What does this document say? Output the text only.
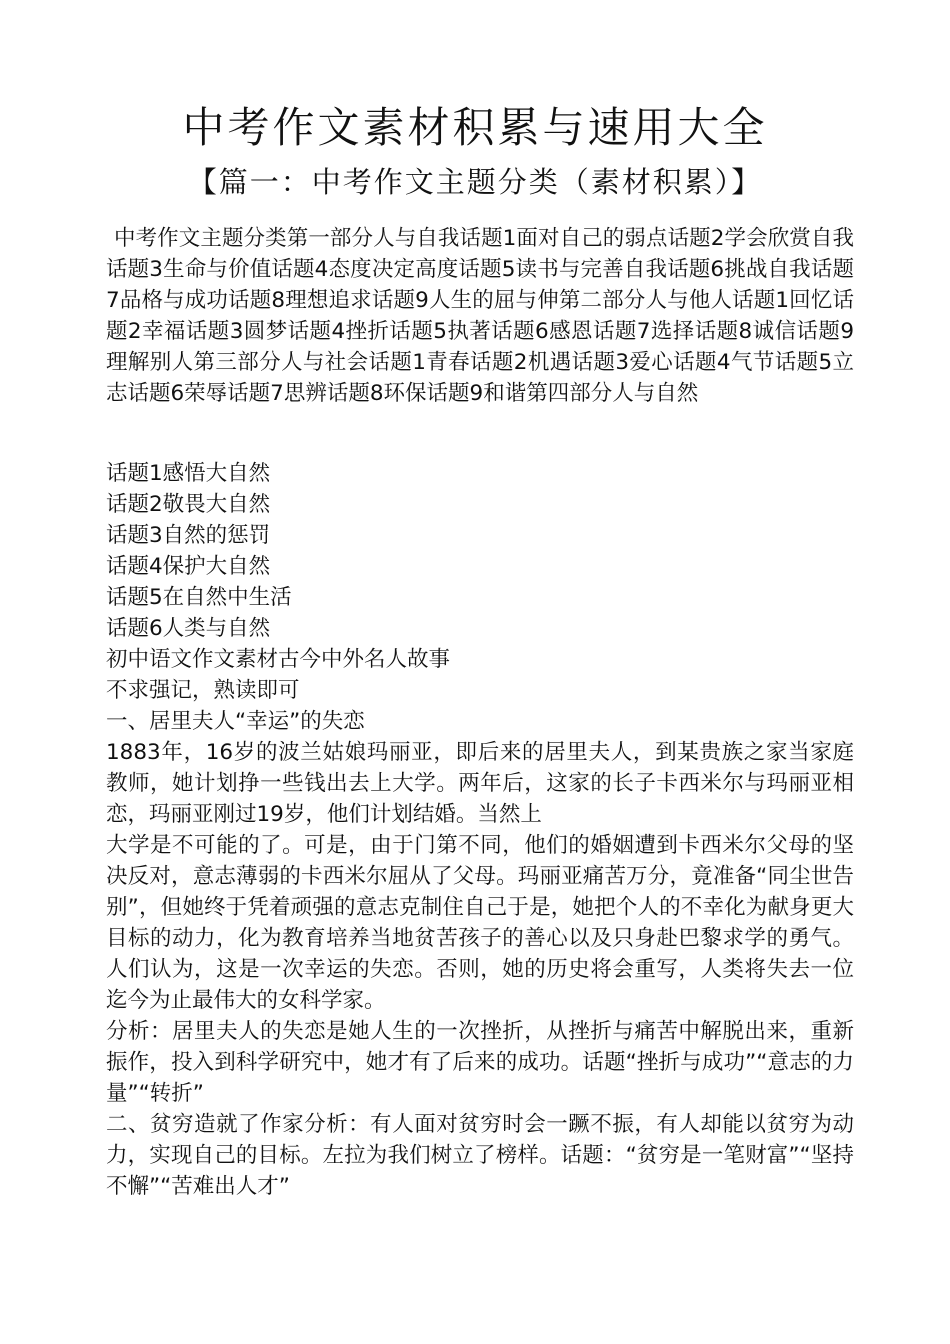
中考作文素材积累与速用大全
【篇一：中考作文主题分类（素材积累）】
中考作文主题分类第一部分人与自我话题1面对自己的弱点话题2学会欣赏自我话题3生命与价值话题4态度决定高度话题5读书与完善自我话题6挑战自我话题7品格与成功话题8理想追求话题9人生的屈与伸第二部分人与他人话题1回忆话题2幸福话题3圆梦话题4挫折话题5执著话题6感恩话题7选择话题8诚信话题9理解别人第三部分人与社会话题1青春话题2机遇话题3爱心话题4气节话题5立志话题6荣辱话题7思辨话题8环保话题9和谐第四部分人与自然
话题1感悟大自然
话题2敬畏大自然
话题3自然的惩罚
话题4保护大自然
话题5在自然中生活
话题6人类与自然
初中语文作文素材古今中外名人故事
不求强记，熟读即可
一、居里夫人“幸运”的失恋
1883年，16岁的波兰姑娘玛丽亚，即后来的居里夫人，到某贵族之家当家庭教师，她计划挣一些钱出去上大学。两年后，这家的长子卡西米尔与玛丽亚相恋，玛丽亚刚过19岁，他们计划结婚。当然上
大学是不可能的了。可是，由于门第不同，他们的婚姻遭到卡西米尔父母的坚决反对，意志薄弱的卡西米尔屈从了父母。玛丽亚痛苦万分，竟准备“同尘世告别”，但她终于凭着顽强的意志克制住自己于是，她把个人的不幸化为献身更大目标的动力，化为教育培养当地贫苦孩子的善心以及只身赴巴黎求学的勇气。人们认为，这是一次幸运的失恋。否则，她的历史将会重写，人类将失去一位迄今为止最伟大的女科学家。
分析：居里夫人的失恋是她人生的一次挫折，从挫折与痛苦中解脱出来，重新振作，投入到科学研究中，她才有了后来的成功。话题“挫折与成功”“意志的力量”“转折”
二、贫穷造就了作家分析：有人面对贫穷时会一蹶不振，有人却能以贫穷为动力，实现自己的目标。左拉为我们树立了榜样。话题：“贫穷是一笔财富”“坚持不懈”“苦难出人才”
